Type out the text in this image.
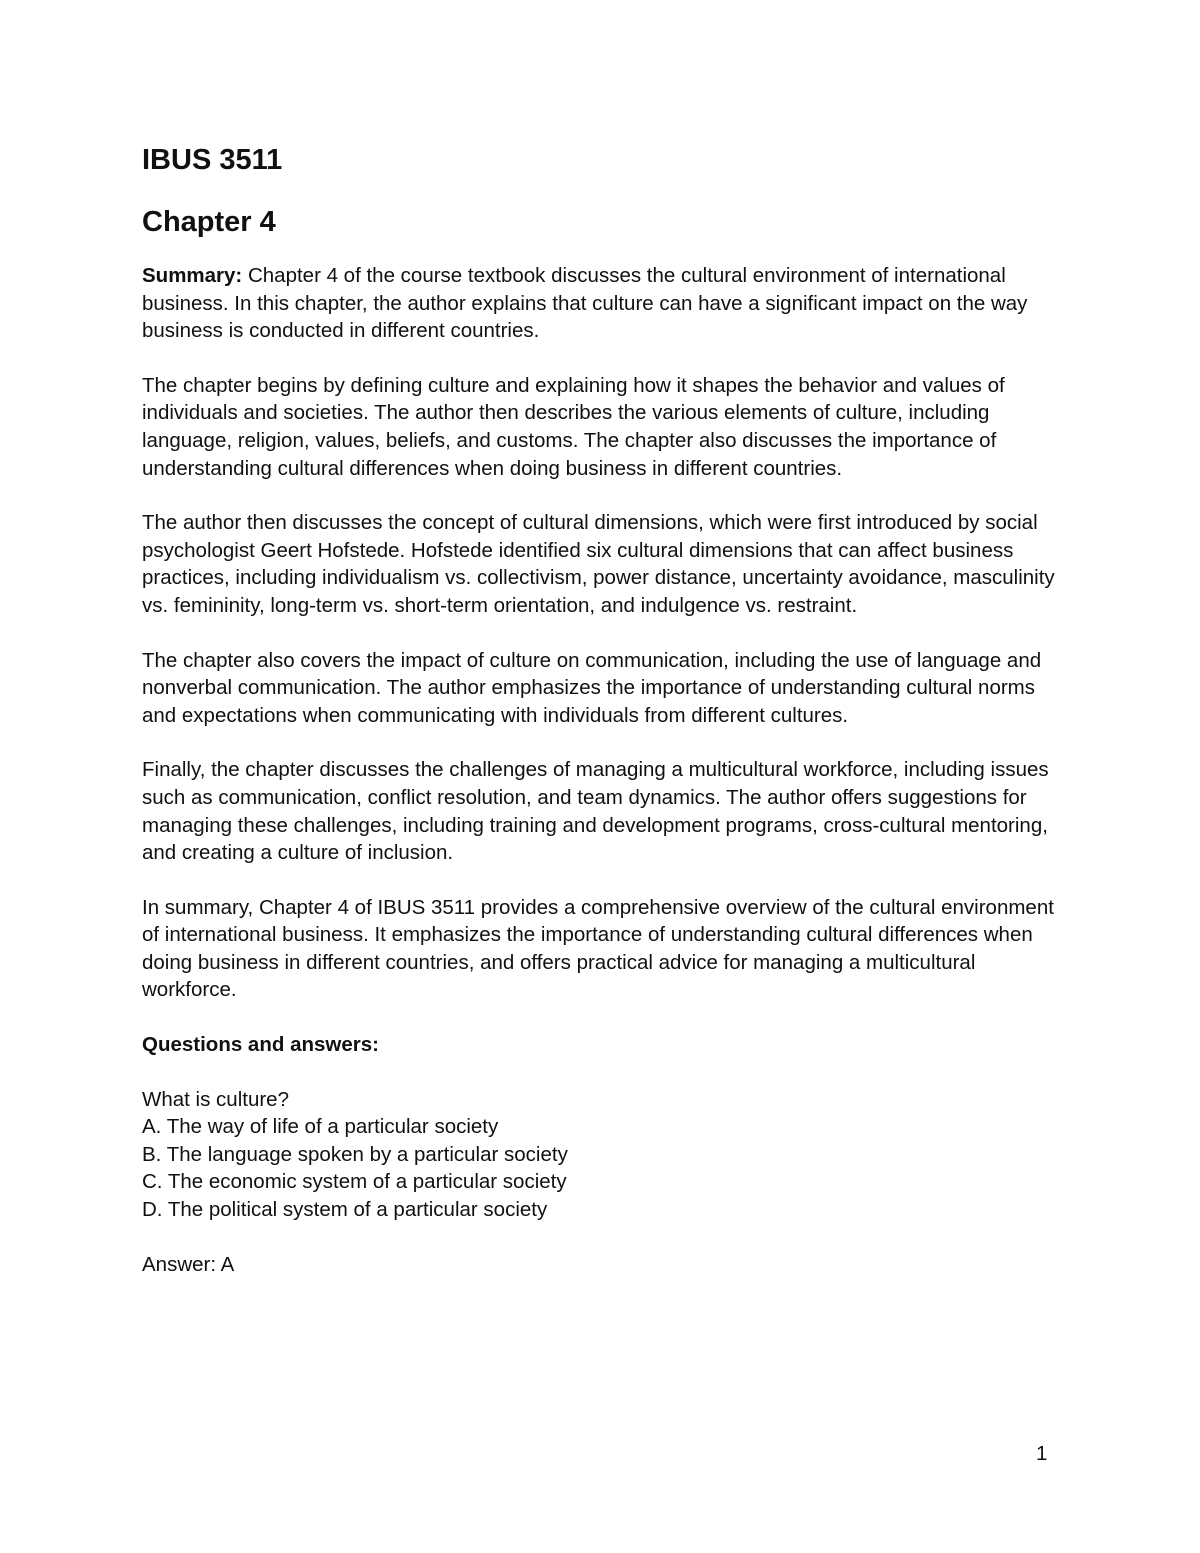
IBUS 3511
Chapter 4

Summary: Chapter 4 of the course textbook discusses the cultural environment of international business. In this chapter, the author explains that culture can have a significant impact on the way business is conducted in different countries.

The chapter begins by defining culture and explaining how it shapes the behavior and values of individuals and societies. The author then describes the various elements of culture, including language, religion, values, beliefs, and customs. The chapter also discusses the importance of understanding cultural differences when doing business in different countries.

The author then discusses the concept of cultural dimensions, which were first introduced by social psychologist Geert Hofstede. Hofstede identified six cultural dimensions that can affect business practices, including individualism vs. collectivism, power distance, uncertainty avoidance, masculinity vs. femininity, long-term vs. short-term orientation, and indulgence vs. restraint.

The chapter also covers the impact of culture on communication, including the use of language and nonverbal communication. The author emphasizes the importance of understanding cultural norms and expectations when communicating with individuals from different cultures.

Finally, the chapter discusses the challenges of managing a multicultural workforce, including issues such as communication, conflict resolution, and team dynamics. The author offers suggestions for managing these challenges, including training and development programs, cross-cultural mentoring, and creating a culture of inclusion.

In summary, Chapter 4 of IBUS 3511 provides a comprehensive overview of the cultural environment of international business. It emphasizes the importance of understanding cultural differences when doing business in different countries, and offers practical advice for managing a multicultural workforce.

Questions and answers:
What is culture?
A. The way of life of a particular society
B. The language spoken by a particular society
C. The economic system of a particular society
D. The political system of a particular society
Answer: A
1
